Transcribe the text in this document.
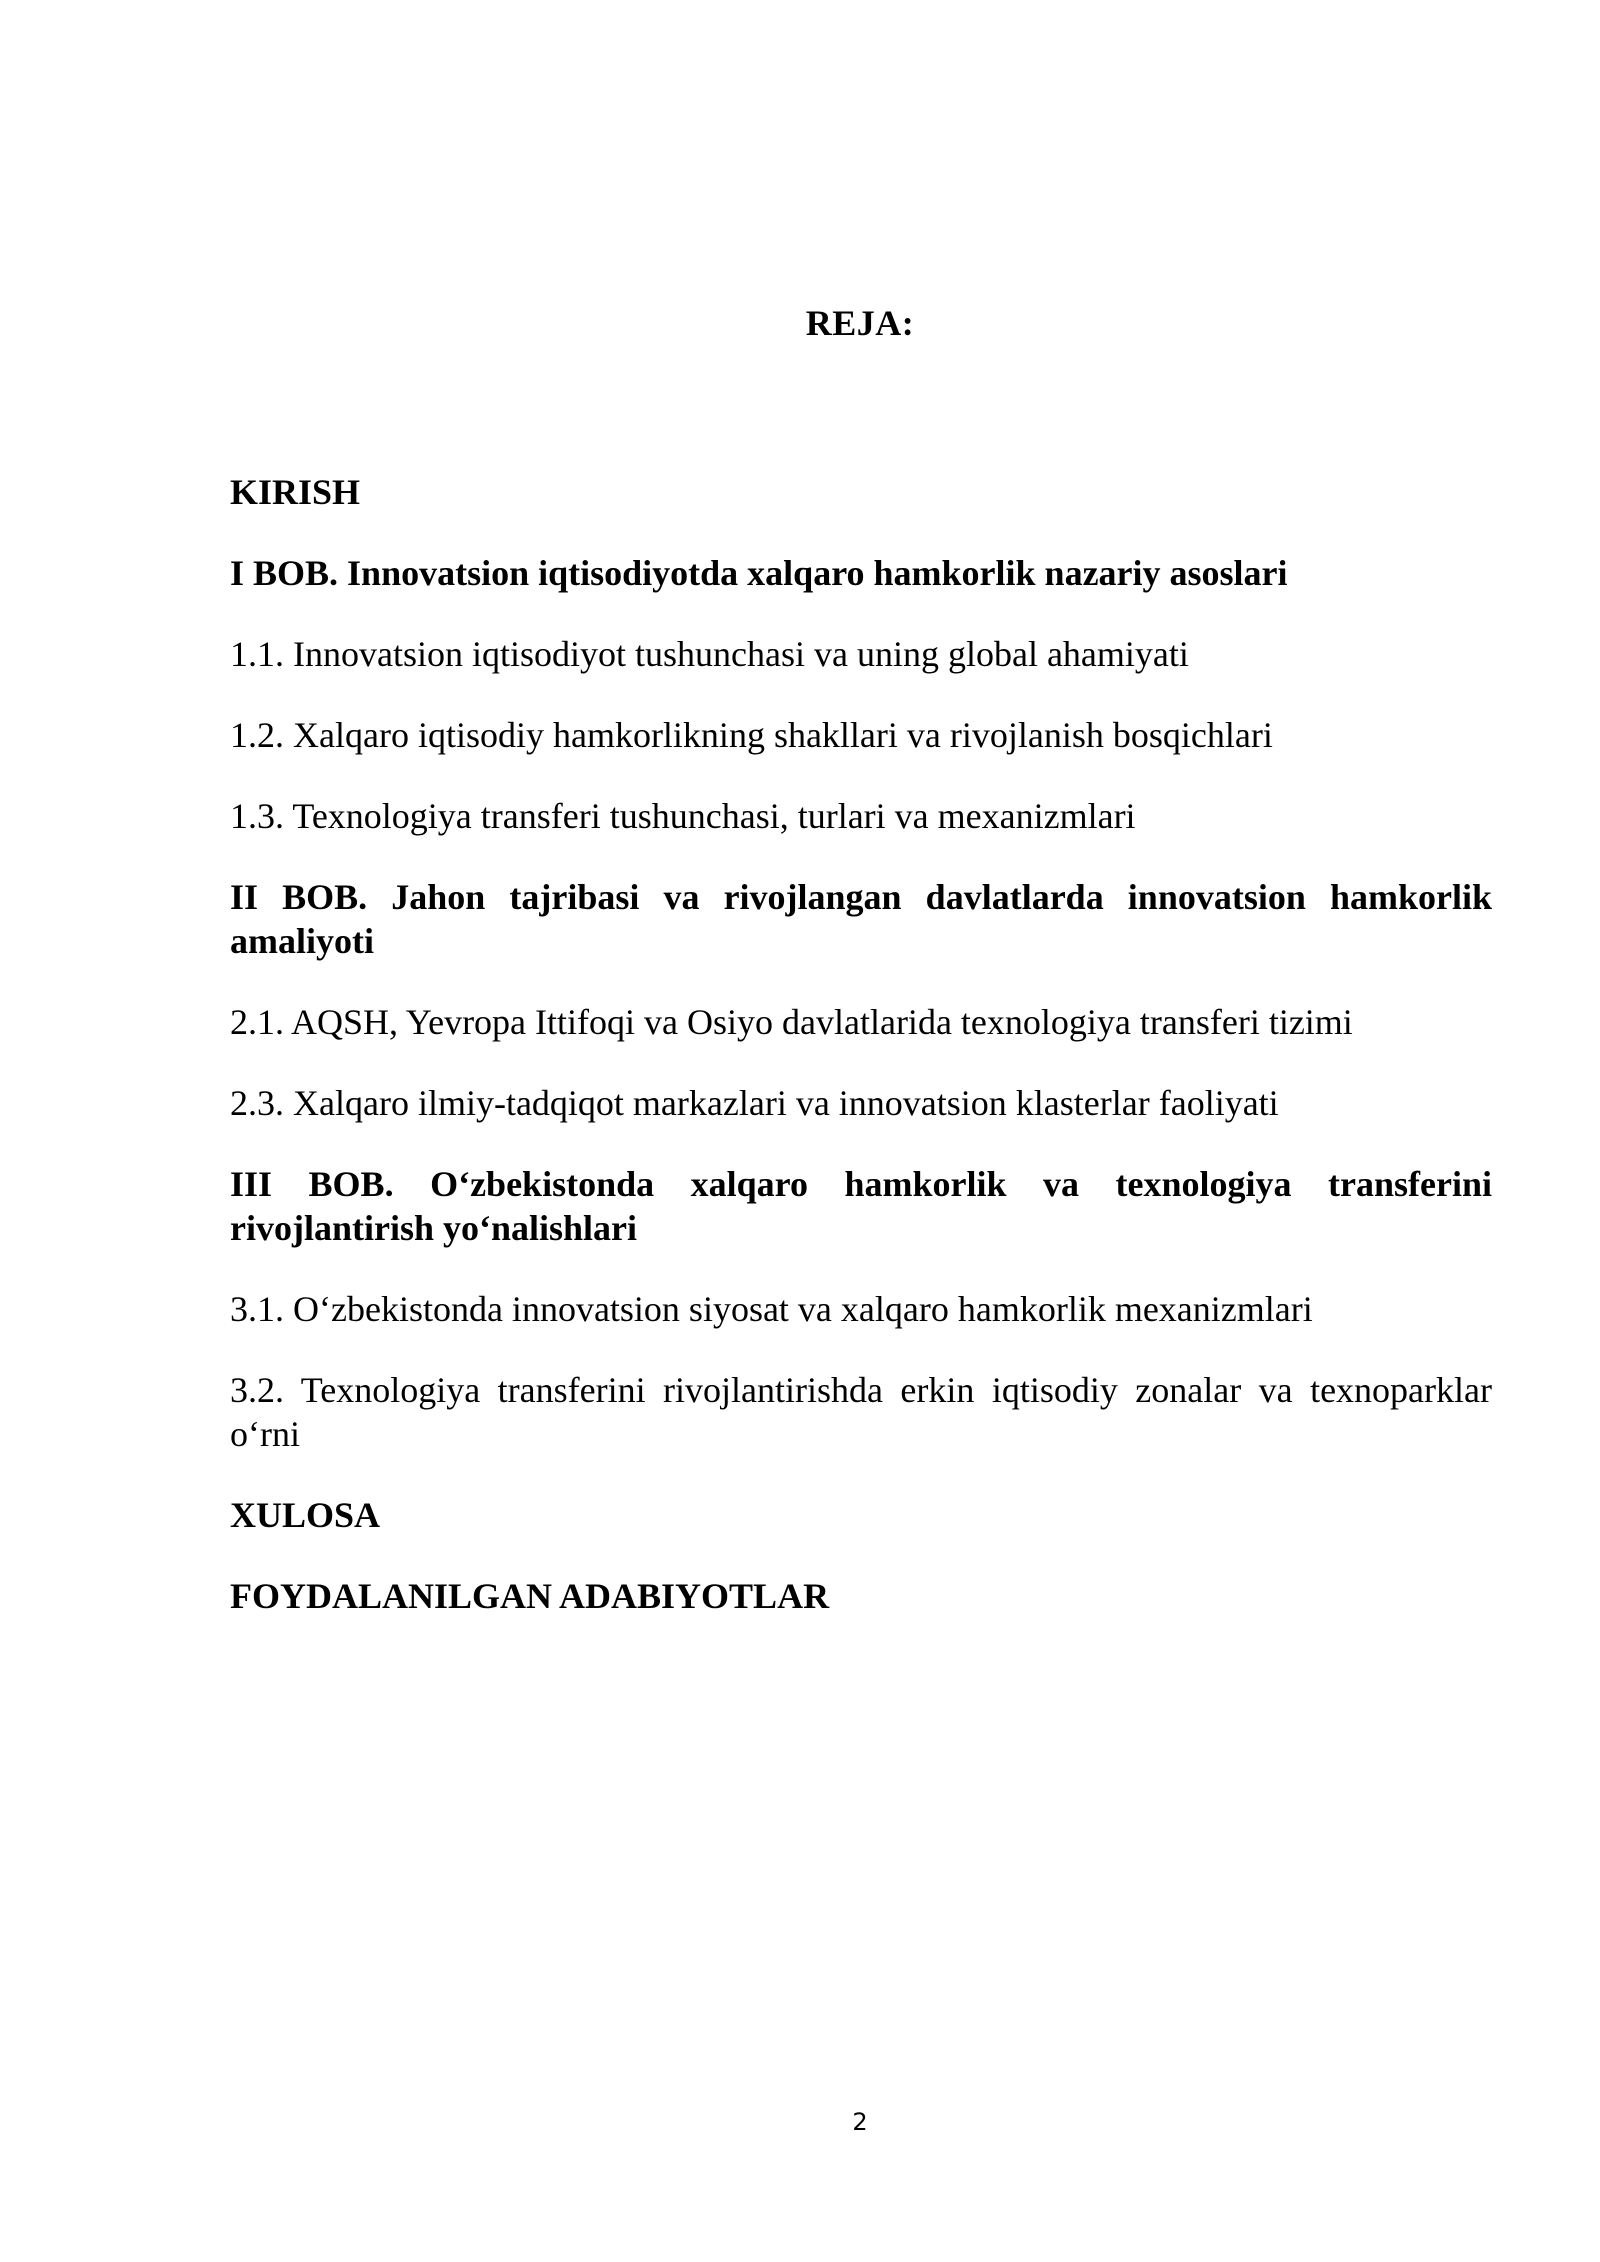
REJA:

KIRISH

I BOB. Innovatsion iqtisodiyotda xalqaro hamkorlik nazariy asoslari

1.1. Innovatsion iqtisodiyot tushunchasi va uning global ahamiyati

1.2. Xalqaro iqtisodiy hamkorlikning shakllari va rivojlanish bosqichlari

1.3. Texnologiya transferi tushunchasi, turlari va mexanizmlari

II BOB. Jahon tajribasi va rivojlangan davlatlarda innovatsion hamkorlik amaliyoti

2.1. AQSH, Yevropa Ittifoqi va Osiyo davlatlarida texnologiya transferi tizimi

2.3. Xalqaro ilmiy-tadqiqot markazlari va innovatsion klasterlar faoliyati

III BOB. O‘zbekistonda xalqaro hamkorlik va texnologiya transferini rivojlantirish yo‘nalishlari

3.1. O‘zbekistonda innovatsion siyosat va xalqaro hamkorlik mexanizmlari

3.2. Texnologiya transferini rivojlantirishda erkin iqtisodiy zonalar va texnoparklar o‘rni

XULOSA

FOYDALANILGAN ADABIYOTLAR

2
